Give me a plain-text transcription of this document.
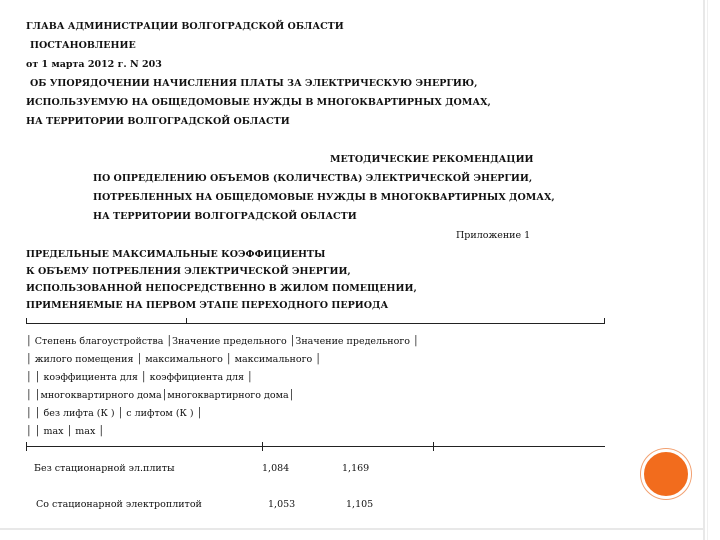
ГЛАВА АДМИНИСТРАЦИИ ВОЛГОГРАДСКОЙ ОБЛАСТИ
ПОСТАНОВЛЕНИЕ
от 1 марта 2012 г. N 203
ОБ УПОРЯДОЧЕНИИ НАЧИСЛЕНИЯ ПЛАТЫ ЗА ЭЛЕКТРИЧЕСКУЮ ЭНЕРГИЮ,
ИСПОЛЬЗУЕМУЮ НА ОБЩЕДОМОВЫЕ НУЖДЫ В МНОГОКВАРТИРНЫХ ДОМАХ,
НА ТЕРРИТОРИИ ВОЛГОГРАДСКОЙ ОБЛАСТИ
МЕТОДИЧЕСКИЕ РЕКОМЕНДАЦИИ
ПО ОПРЕДЕЛЕНИЮ ОБЪЕМОВ (КОЛИЧЕСТВА) ЭЛЕКТРИЧЕСКОЙ ЭНЕРГИИ,
ПОТРЕБЛЕННЫХ НА ОБЩЕДОМОВЫЕ НУЖДЫ В МНОГОКВАРТИРНЫХ ДОМАХ,
НА ТЕРРИТОРИИ ВОЛГОГРАДСКОЙ ОБЛАСТИ
Приложение 1
ПРЕДЕЛЬНЫЕ МАКСИМАЛЬНЫЕ КОЭФФИЦИЕНТЫ
К ОБЪЕМУ ПОТРЕБЛЕНИЯ ЭЛЕКТРИЧЕСКОЙ ЭНЕРГИИ,
ИСПОЛЬЗОВАННОЙ НЕПОСРЕДСТВЕННО В ЖИЛОМ ПОМЕЩЕНИИ,
ПРИМЕНЯЕМЫЕ НА ПЕРВОМ ЭТАПЕ ПЕРЕХОДНОГО ПЕРИОДА
│ Степень благоустройства │Значение предельного │Значение предельного │
│ жилого помещения │ максимального │ максимального │
│ │ коэффициента для │ коэффициента для │
│ │многоквартирного дома│многоквартирного дома│
│ │ без лифта (К ) │ с лифтом (К ) │
│ │ max │ max │
Без стационарной эл.плиты	1,084	1,169
Со стационарной электроплитой	1,053	1,105
